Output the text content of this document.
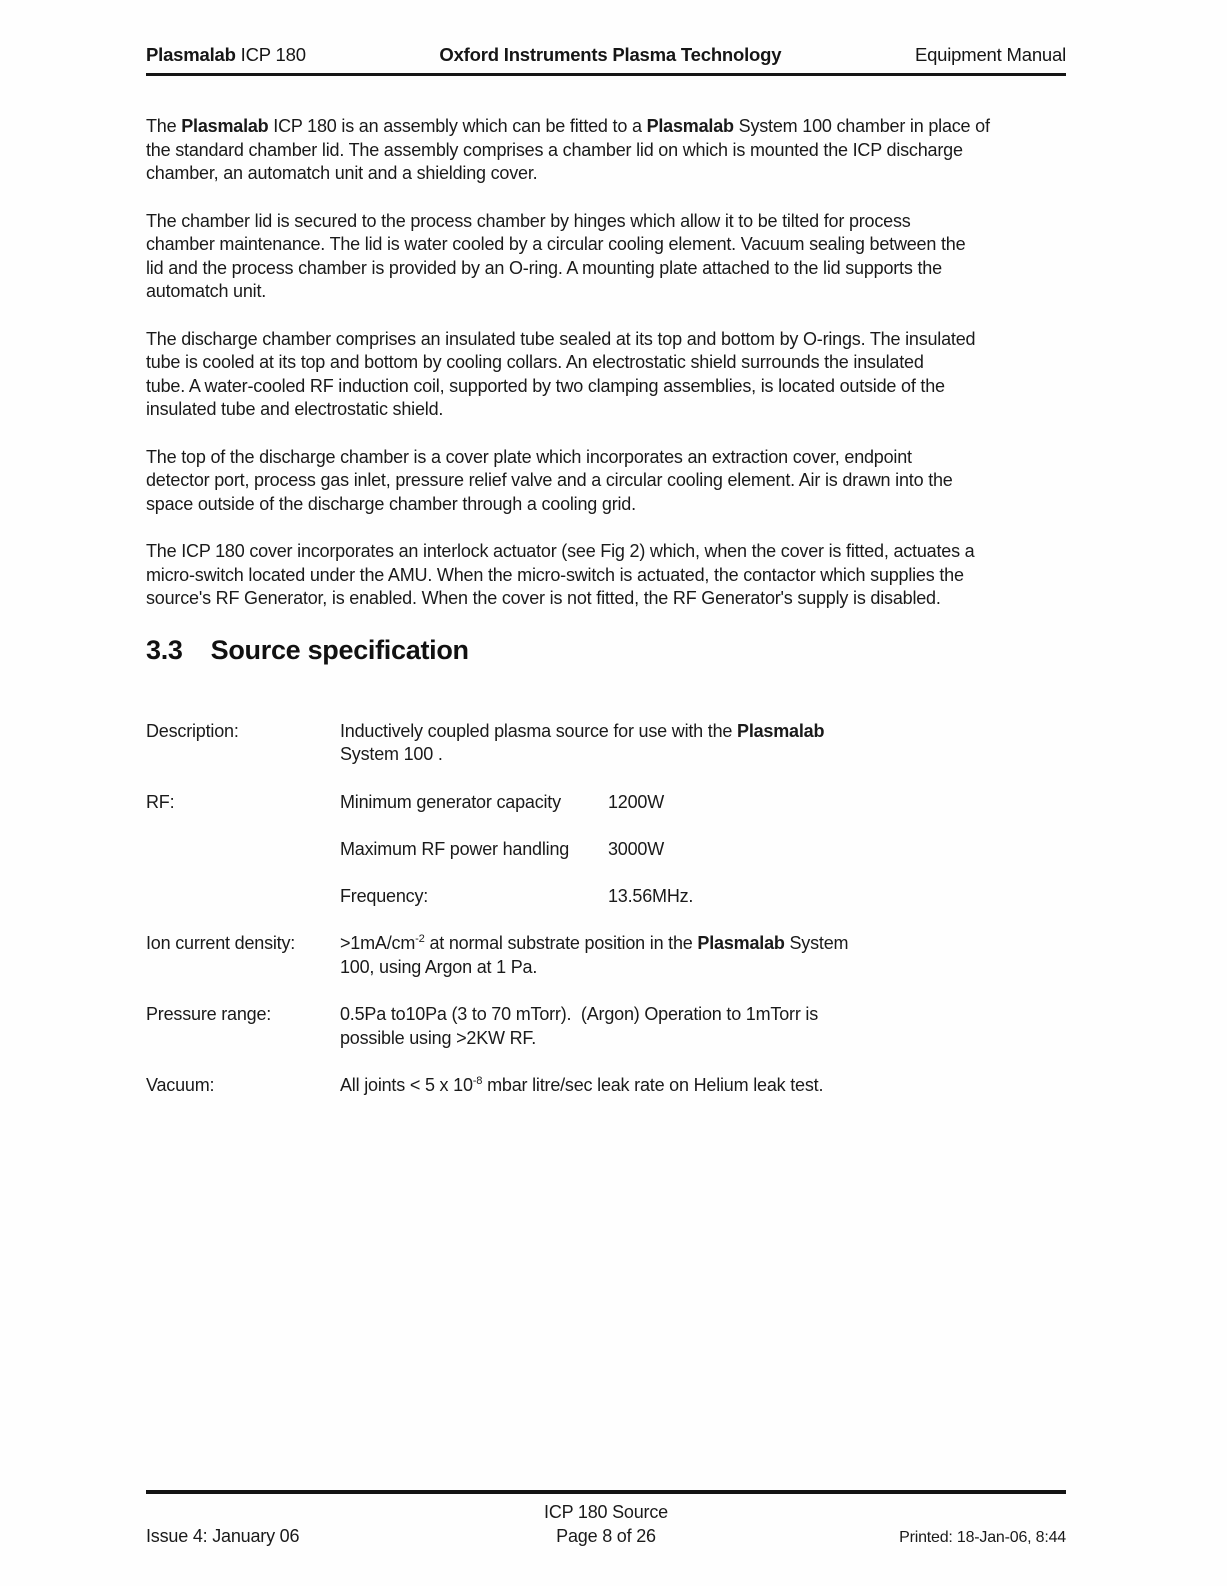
Plasmalab ICP 180	Oxford Instruments Plasma Technology	Equipment Manual

The Plasmalab ICP 180 is an assembly which can be fitted to a Plasmalab System 100 chamber in place of
the standard chamber lid. The assembly comprises a chamber lid on which is mounted the ICP discharge
chamber, an automatch unit and a shielding cover.

The chamber lid is secured to the process chamber by hinges which allow it to be tilted for process
chamber maintenance. The lid is water cooled by a circular cooling element. Vacuum sealing between the
lid and the process chamber is provided by an O-ring. A mounting plate attached to the lid supports the
automatch unit.

The discharge chamber comprises an insulated tube sealed at its top and bottom by O-rings. The insulated
tube is cooled at its top and bottom by cooling collars. An electrostatic shield surrounds the insulated
tube. A water-cooled RF induction coil, supported by two clamping assemblies, is located outside of the
insulated tube and electrostatic shield.

The top of the discharge chamber is a cover plate which incorporates an extraction cover, endpoint
detector port, process gas inlet, pressure relief valve and a circular cooling element. Air is drawn into the
space outside of the discharge chamber through a cooling grid.

The ICP 180 cover incorporates an interlock actuator (see Fig 2) which, when the cover is fitted, actuates a
micro-switch located under the AMU. When the micro-switch is actuated, the contactor which supplies the
source's RF Generator, is enabled. When the cover is not fitted, the RF Generator's supply is disabled.

3.3 Source specification
Description:	Inductively coupled plasma source for use with the Plasmalab
System 100 .
RF:	Minimum generator capacity	1200W
Maximum RF power handling	3000W
Frequency:	13.56MHz.
Ion current density:	$>1mA/cm^{-2}$ at normal substrate position in the Plasmalab System
100, using Argon at 1 Pa.
Pressure range:	0.5Pa to10Pa (3 to 70 mTorr).  (Argon) Operation to 1mTorr is
possible using >2KW RF.
Vacuum:	All joints < 5 x $10^{-8}$ mbar litre/sec leak rate on Helium leak test.
ICP 180 Source
Issue 4: January 06	Page 8 of 26	Printed: 18-Jan-06, 8:44
